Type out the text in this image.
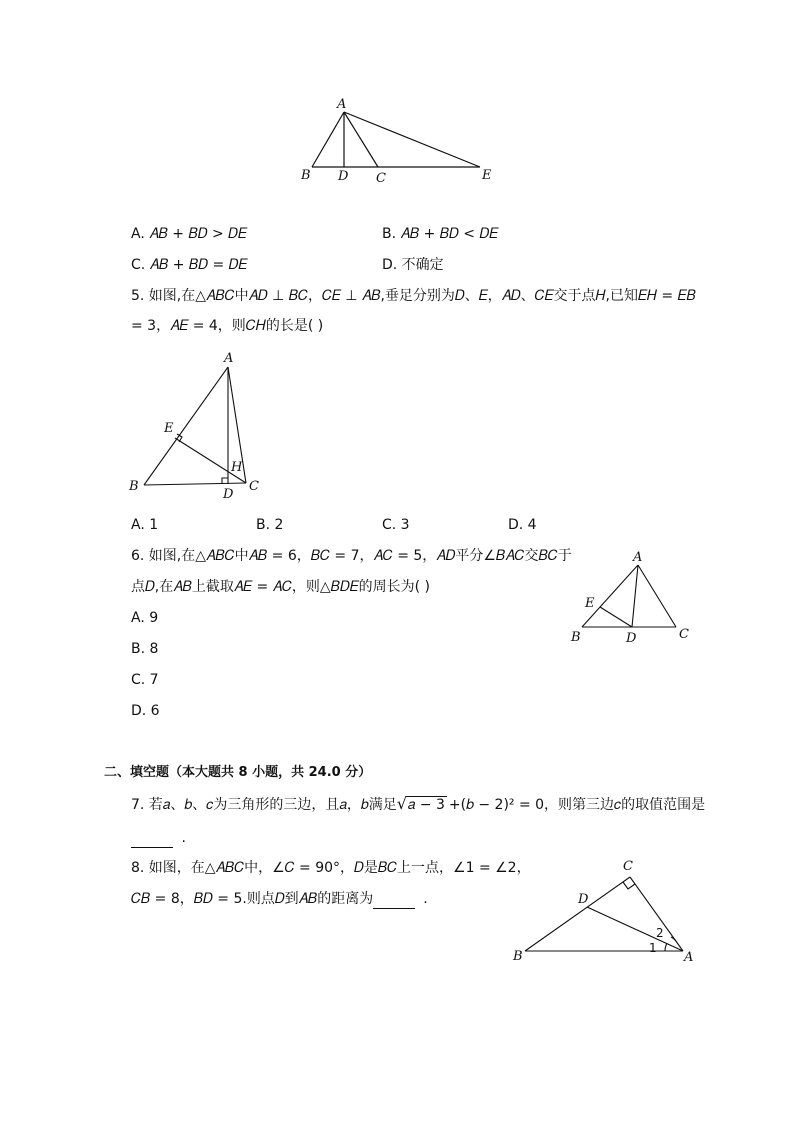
A
B D C	E
A. 𝐴𝐵 + 𝐵𝐷 > 𝐷𝐸	B. 𝐴𝐵 + 𝐵𝐷 < 𝐷𝐸
C. 𝐴𝐵 + 𝐵𝐷 = 𝐷𝐸	D. 不确定
5. 如图,在△𝐴𝐵𝐶中𝐴𝐷 ⊥ 𝐵𝐶，𝐶𝐸 ⊥ 𝐴𝐵,垂足分别为𝐷、𝐸，𝐴𝐷、𝐶𝐸交于点𝐻,已知𝐸𝐻 = 𝐸𝐵
= 3，𝐴𝐸 = 4，则𝐶𝐻的长是( )
A
E
H
B
D
C
A. 1	B. 2	C. 3	D. 4
6. 如图,在△𝐴𝐵𝐶中𝐴𝐵 = 6，𝐵𝐶 = 7，𝐴𝐶 = 5，𝐴𝐷平分∠𝐵𝐴𝐶交𝐵𝐶于
点𝐷,在𝐴𝐵上截取𝐴𝐸 = 𝐴𝐶，则△𝐵𝐷𝐸的周长为( )
A. 9
B. 8
C. 7
D. 6
A
E
B	D	C
二、填空题（本大题共 8 小题，共 24.0 分）
7. 若𝑎、𝑏、𝑐为三角形的三边，且𝑎，𝑏满足 √ 𝑎 − 3 +(𝑏 − 2)² = 0，则第三边𝑐的取值范围是
.
8. 如图，在△𝐴𝐵𝐶中，∠𝐶 = 90°，𝐷是𝐵𝐶上一点，∠1 = ∠2，
𝐶𝐵 = 8，𝐵𝐷 = 5.则点𝐷到𝐴𝐵的距离为	.
C
D
B	A
1
2
